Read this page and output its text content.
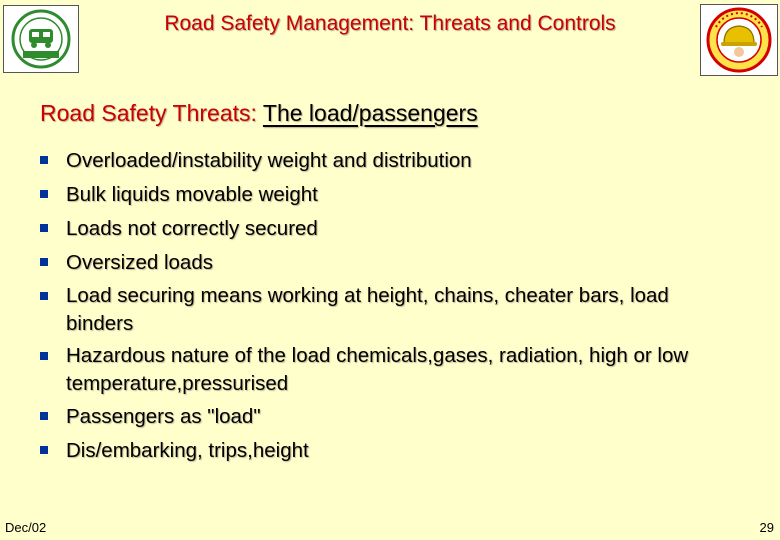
Road Safety Management: Threats and Controls
Road Safety Threats: The load/passengers
Overloaded/instability weight and distribution
Bulk liquids movable weight
Loads not correctly secured
Oversized loads
Load securing means working at height, chains, cheater bars, load binders
Hazardous nature of the load chemicals,gases, radiation, high or low temperature,pressurised
Passengers as "load"
Dis/embarking, trips,height
Dec/02	29
